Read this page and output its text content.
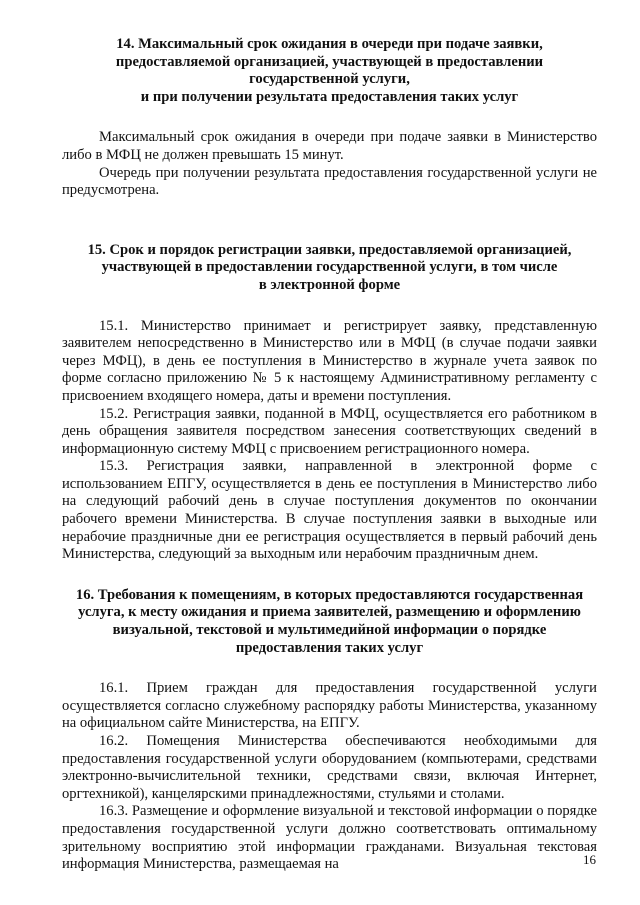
14. Максимальный срок ожидания в очереди при подаче заявки,
предоставляемой организацией, участвующей в предоставлении
государственной услуги,
и при получении результата предоставления таких услуг

Максимальный срок ожидания в очереди при подаче заявки в Министерство либо в МФЦ не должен превышать 15 минут.

Очередь при получении результата предоставления государственной услуги не предусмотрена.

15. Срок и порядок регистрации заявки, предоставляемой организацией,
участвующей в предоставлении государственной услуги, в том числе
в электронной форме

15.1. Министерство принимает и регистрирует заявку, представленную заявителем непосредственно в Министерство или в МФЦ (в случае подачи заявки через МФЦ), в день ее поступления в Министерство в журнале учета заявок по форме согласно приложению № 5 к настоящему Административному регламенту с присвоением входящего номера, даты и времени поступления.

15.2. Регистрация заявки, поданной в МФЦ, осуществляется его работником в день обращения заявителя посредством занесения соответствующих сведений в информационную систему МФЦ с присвоением регистрационного номера.

15.3. Регистрация заявки, направленной в электронной форме с использованием ЕПГУ, осуществляется в день ее поступления в Министерство либо на следующий рабочий день в случае поступления документов по окончании рабочего времени Министерства. В случае поступления заявки в выходные или нерабочие праздничные дни ее регистрация осуществляется в первый рабочий день Министерства, следующий за выходным или нерабочим праздничным днем.

16. Требования к помещениям, в которых предоставляются государственная
услуга, к месту ожидания и приема заявителей, размещению и оформлению
визуальной, текстовой и мультимедийной информации о порядке
предоставления таких услуг

16.1. Прием граждан для предоставления государственной услуги осуществляется согласно служебному распорядку работы Министерства, указанному на официальном сайте Министерства, на ЕПГУ.

16.2. Помещения Министерства обеспечиваются необходимыми для предоставления государственной услуги оборудованием (компьютерами, средствами электронно-вычислительной техники, средствами связи, включая Интернет, оргтехникой), канцелярскими принадлежностями, стульями и столами.

16.3. Размещение и оформление визуальной и текстовой информации о порядке предоставления государственной услуги должно соответствовать оптимальному зрительному восприятию этой информации гражданами. Визуальная текстовая информация Министерства, размещаемая на	16
